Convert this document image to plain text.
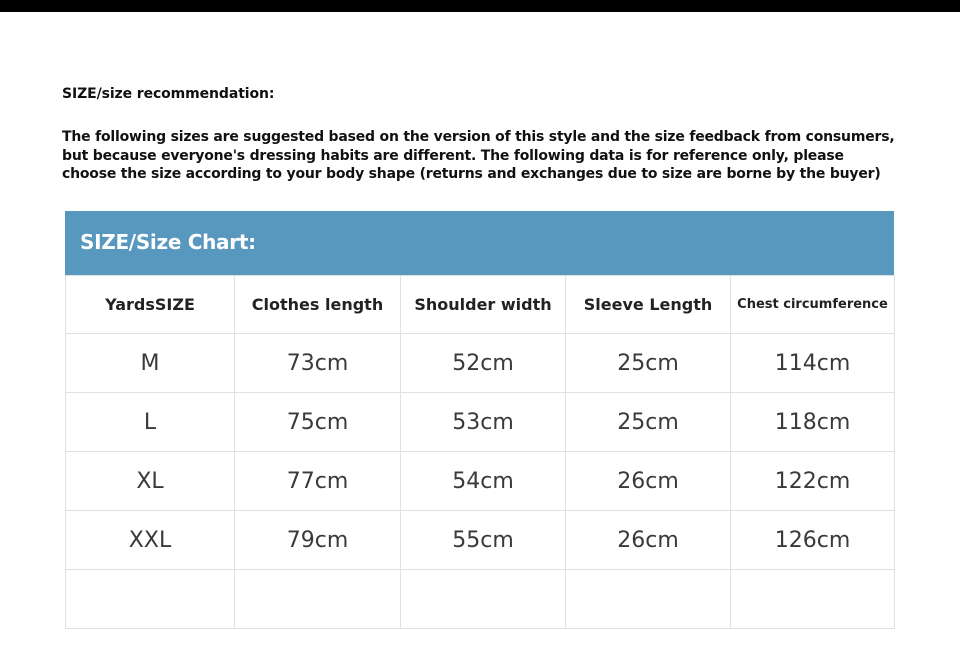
SIZE/size recommendation:
The following sizes are suggested based on the version of this style and the size feedback from consumers,
but because everyone's dressing habits are different. The following data is for reference only, please
choose the size according to your body shape (returns and exchanges due to size are borne by the buyer)
SIZE/Size Chart:
YardsSIZE	Clothes length	Shoulder width	Sleeve Length	Chest circumference
M	73cm	52cm	25cm	114cm
L	75cm	53cm	25cm	118cm
XL	77cm	54cm	26cm	122cm
XXL	79cm	55cm	26cm	126cm
